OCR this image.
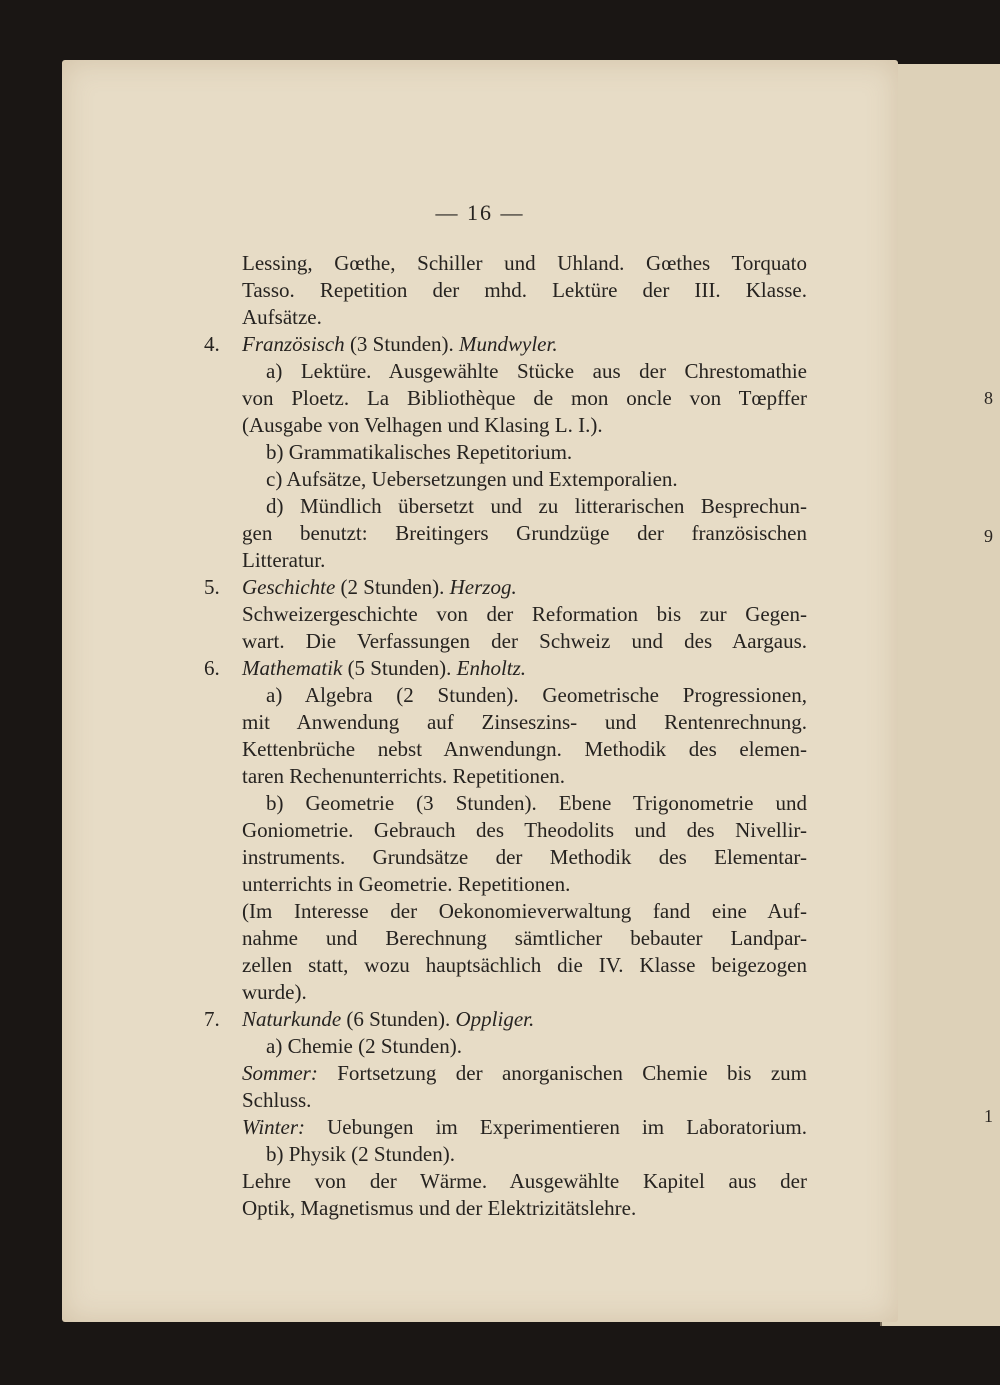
8
9
1
— 16 —
Lessing, Gœthe, Schiller und Uhland. Gœthes Torquato
Tasso. Repetition der mhd. Lektüre der III. Klasse.
Aufsätze.
4. Französisch (3 Stunden). Mundwyler.
a) Lektüre. Ausgewählte Stücke aus der Chrestomathie
von Ploetz. La Bibliothèque de mon oncle von Tœpffer
(Ausgabe von Velhagen und Klasing L. I.).
b) Grammatikalisches Repetitorium.
c) Aufsätze, Uebersetzungen und Extemporalien.
d) Mündlich übersetzt und zu litterarischen Besprechun-
gen benutzt: Breitingers Grundzüge der französischen
Litteratur.
5. Geschichte (2 Stunden). Herzog.
Schweizergeschichte von der Reformation bis zur Gegen-
wart. Die Verfassungen der Schweiz und des Aargaus.
6. Mathematik (5 Stunden). Enholtz.
a) Algebra (2 Stunden). Geometrische Progressionen,
mit Anwendung auf Zinseszins- und Rentenrechnung.
Kettenbrüche nebst Anwendungn. Methodik des elemen-
taren Rechenunterrichts. Repetitionen.
b) Geometrie (3 Stunden). Ebene Trigonometrie und
Goniometrie. Gebrauch des Theodolits und des Nivellir-
instruments. Grundsätze der Methodik des Elementar-
unterrichts in Geometrie. Repetitionen.
(Im Interesse der Oekonomieverwaltung fand eine Auf-
nahme und Berechnung sämtlicher bebauter Landpar-
zellen statt, wozu hauptsächlich die IV. Klasse beigezogen
wurde).
7. Naturkunde (6 Stunden). Oppliger.
a) Chemie (2 Stunden).
Sommer: Fortsetzung der anorganischen Chemie bis zum
Schluss.
Winter: Uebungen im Experimentieren im Laboratorium.
b) Physik (2 Stunden).
Lehre von der Wärme. Ausgewählte Kapitel aus der
Optik, Magnetismus und der Elektrizitätslehre.
